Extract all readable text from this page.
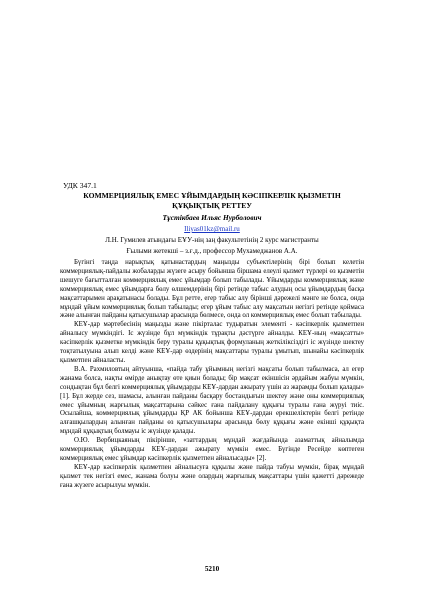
УДК 347.1
КОММЕРЦИЯЛЫҚ ЕМЕС ҰЙЫМДАРДЫҢ КӘСІПКЕРЛІК ҚЫЗМЕТІН
ҚҰҚЫҚТЫҚ РЕТТЕУ
Тұстікбаев Ильяс Нурболович
Iliyas01kz@mail.ru
Л.Н. Гумилев атындағы ЕҰУ-нің заң факультетінің 2 курс магистранты
Ғылыми жетекші – з.ғ.д., профессор Мухамеджанов А.А.

Бүгінгі таңда нарықтық қатынастардың маңызды субъектілерінің бірі болып келетін коммерциялық-пайдалы жобаларды жүзеге асыру бойынша біршама елеулі қызмет түрлері өз қызметін шешуге бағытталған коммерциялық емес ұйымдар болып табылады. Ұйымдарды коммерциялық және коммерциялық емес ұйымдарға бөлу өлшемдерінің бірі ретінде табыс алудың осы ұйымдардың басқа мақсаттарымен арақатынасы болады. Бұл ретте, егер табыс алу бірінші дәрежелі мәнге не болса, онда мұндай ұйым коммерциялық болып табылады; егер ұйым табыс алу мақсатын негізгі ретінде қоймаса және алынған пайданы қатысушылар арасында бөлмесе, онда ол коммерциялық емес болып табылады.

КЕҰ-дар мәртебесінің маңызды және пікірталас тудыратын элементі - кәсіпкерлік қызметпен айналысу мүмкіндігі. Іс жүзінде бұл мүмкіндік тұрақты дәстүрге айналды. КЕҰ-ның «мақсатты» кәсіпкерлік қызметке мүмкіндік беру туралы құқықтық формуланың жеткіліксіздігі іс жүзінде шектеу тоқтатылуына алып келді және КЕҰ-дар өздерінің мақсаттары туралы ұмытып, шынайы кәсіпкерлік қызметпен айналасты.

В.А. Рахмиловтың айтуынша, «пайда табу ұйымның негізгі мақсаты болып табылмаса, ал егер жанама болса, нақты өмірде анықтау өте қиын болады; бір мақсат екіншісін әрдайым жабуы мүмкін, сондықтан бұл белгі коммерциялық ұйымдарды КЕҰ-дардан ажырату үшін аз жарамды болып қалады» [1]. Бұл жерде сез, шамасы, алынған пайданы басқару бостандығын шектеу және оны коммерциялық емес ұйымның жарғылық мақсаттарына сәйкес ғана пайдалану құқығы туралы ғана жүруі тиіс. Осылайша, коммерциялық ұйымдарды ҚР АК бойынша КЕҰ-дардан ерекшеліктерін белгі ретінде алғашқылардың алынған пайданы өз қатысушылары арасында бөлу құқығы және екінші құқықта мұндай құқықтың болмауы іс жүзінде қалады.

О.Ю. Вербицкаяның пікірінше, «заттардың мұндай жағдайында азаматтық айналымда коммерциялық ұйымдарды КЕҰ-дардан ажырату мүмкін емес. Бүгінде Ресейде көптеген коммерциялық емес ұйымдар кәсіпкерлік қызметпен айналысады» [2].

КЕҰ-дар кәсіпкерлік қызметпен айналысуға құқылы және пайда табуы мүмкін, бірақ мұндай қызмет тек негізгі емес, жанама болуы және олардың жарғылық мақсаттары үшін қажетті дәрежеде ғана жүзеге асырылуы мүмкін.

5210
